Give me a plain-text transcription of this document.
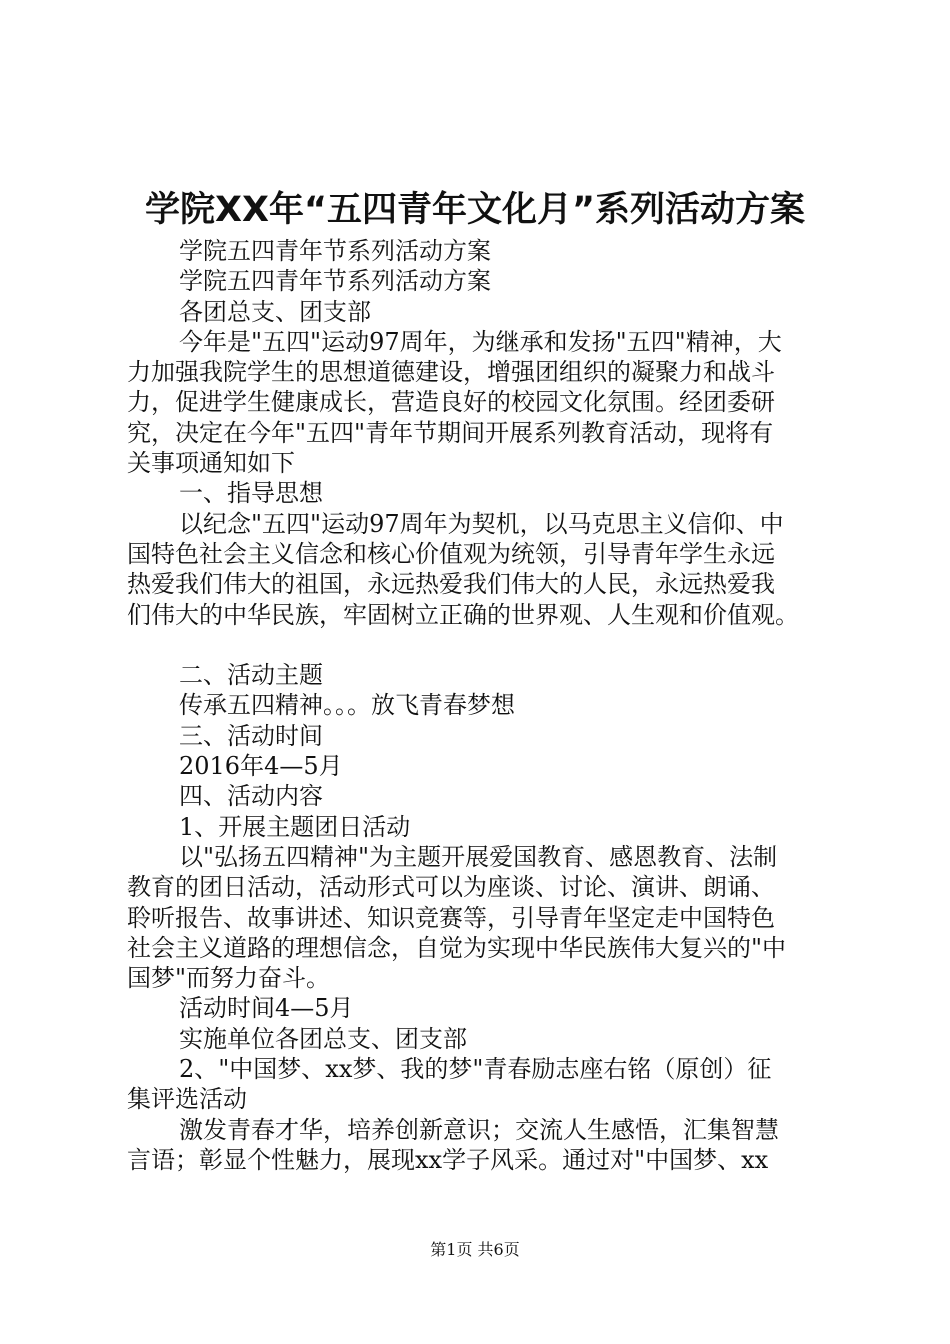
学院XX年“五四青年文化月”系列活动方案
学院五四青年节系列活动方案
学院五四青年节系列活动方案
各团总支、团支部
今年是"五四"运动97周年，为继承和发扬"五四"精神，大
力加强我院学生的思想道德建设，增强团组织的凝聚力和战斗
力，促进学生健康成长，营造良好的校园文化氛围。经团委研
究，决定在今年"五四"青年节期间开展系列教育活动，现将有
关事项通知如下
一、指导思想
以纪念"五四"运动97周年为契机，以马克思主义信仰、中
国特色社会主义信念和核心价值观为统领，引导青年学生永远
热爱我们伟大的祖国，永远热爱我们伟大的人民，永远热爱我
们伟大的中华民族，牢固树立正确的世界观、人生观和价值观。
二、活动主题
传承五四精神。。。放飞青春梦想
三、活动时间
2016年4—5月
四、活动内容
1、开展主题团日活动
以"弘扬五四精神"为主题开展爱国教育、感恩教育、法制
教育的团日活动，活动形式可以为座谈、讨论、演讲、朗诵、
聆听报告、故事讲述、知识竞赛等，引导青年坚定走中国特色
社会主义道路的理想信念，自觉为实现中华民族伟大复兴的"中
国梦"而努力奋斗。
活动时间4—5月
实施单位各团总支、团支部
2、"中国梦、xx梦、我的梦"青春励志座右铭（原创）征
集评选活动
激发青春才华，培养创新意识；交流人生感悟，汇集智慧
言语；彰显个性魅力，展现xx学子风采。通过对"中国梦、xx
第1页 共6页
